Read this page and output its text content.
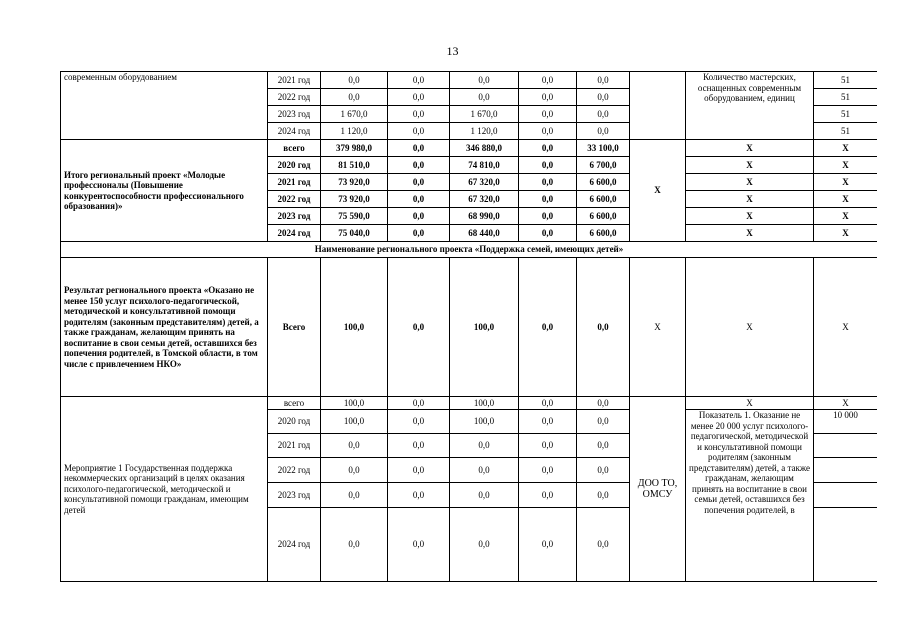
13
современным оборудованием	2021 год	0,0	0,0	0,0	0,0	0,0		Количество мастерских, оснащенных современным оборудованием, единиц	51
	2022 год	0,0	0,0	0,0	0,0	0,0			51
	2023 год	1 670,0	0,0	1 670,0	0,0	0,0			51
	2024 год	1 120,0	0,0	1 120,0	0,0	0,0			51
Итого региональный проект «Молодые профессионалы (Повышение конкурентоспособности профессионального образования)»	всего	379 980,0	0,0	346 880,0	0,0	33 100,0	Х	Х	Х
	2020 год	81 510,0	0,0	74 810,0	0,0	6 700,0		Х	Х
	2021 год	73 920,0	0,0	67 320,0	0,0	6 600,0		Х	Х
	2022 год	73 920,0	0,0	67 320,0	0,0	6 600,0		Х	Х
	2023 год	75 590,0	0,0	68 990,0	0,0	6 600,0		Х	Х
	2024 год	75 040,0	0,0	68 440,0	0,0	6 600,0		Х	Х
Наименование регионального проекта «Поддержка семей, имеющих детей»									
Результат регионального проекта «Оказано не менее 150 услуг психолого-педагогической, методической и консультативной помощи родителям (законным представителям) детей, а также гражданам, желающим принять на воспитание в свои семьи детей, оставшихся без попечения родителей, в Томской области, в том числе с привлечением НКО»	Всего	100,0	0,0	100,0	0,0	0,0	Х	Х	Х
Мероприятие 1 Государственная поддержка некоммерческих организаций в целях оказания психолого-педагогической, методической и консультативной помощи гражданам, имеющим детей	всего	100,0	0,0	100,0	0,0	0,0	ДОО ТО, ОМСУ	Х	Х
	2020 год	100,0	0,0	100,0	0,0	0,0		Показатель 1. Оказание не менее 20 000 услуг психолого-педагогической, методической и консультативной помощи родителям (законным представителям) детей, а также гражданам, желающим принять на воспитание в свои семьи детей, оставшихся без попечения родителей, в	10 000
	2021 год	0,0	0,0	0,0	0,0	0,0			
	2022 год	0,0	0,0	0,0	0,0	0,0			
	2023 год	0,0	0,0	0,0	0,0	0,0			
	2024 год	0,0	0,0	0,0	0,0	0,0			
